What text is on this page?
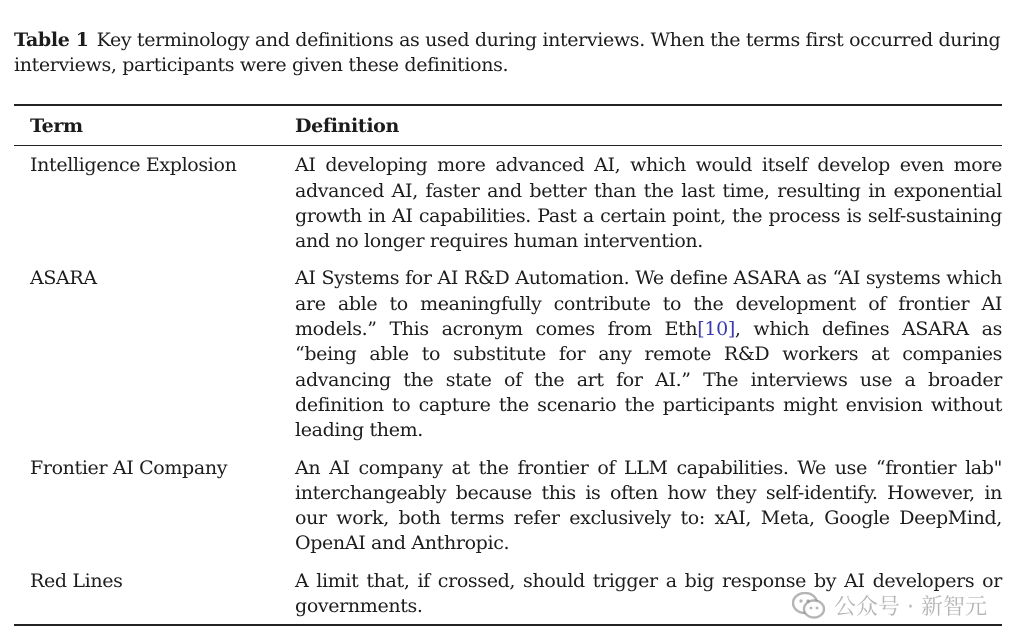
Table 1 Key terminology and definitions as used during interviews. When the terms first occurred during interviews, participants were given these definitions.

Term	Definition
Intelligence Explosion	AI developing more advanced AI, which would itself develop even more advanced AI, faster and better than the last time, resulting in exponential growth in AI capabilities. Past a certain point, the process is self-sustaining and no longer requires human intervention.
ASARA	AI Systems for AI R&D Automation. We define ASARA as “AI systems which are able to meaningfully contribute to the development of frontier AI models.” This acronym comes from Eth[10], which defines ASARA as “being able to substitute for any remote R&D workers at companies advancing the state of the art for AI.” The interviews use a broader definition to capture the scenario the participants might envision without leading them.
Frontier AI Company	An AI company at the frontier of LLM capabilities. We use “frontier lab" interchangeably because this is often how they self-identify. However, in our work, both terms refer exclusively to: xAI, Meta, Google DeepMind, OpenAI and Anthropic.
Red Lines	A limit that, if crossed, should trigger a big response by AI developers or governments.	公众号 · 新智元
